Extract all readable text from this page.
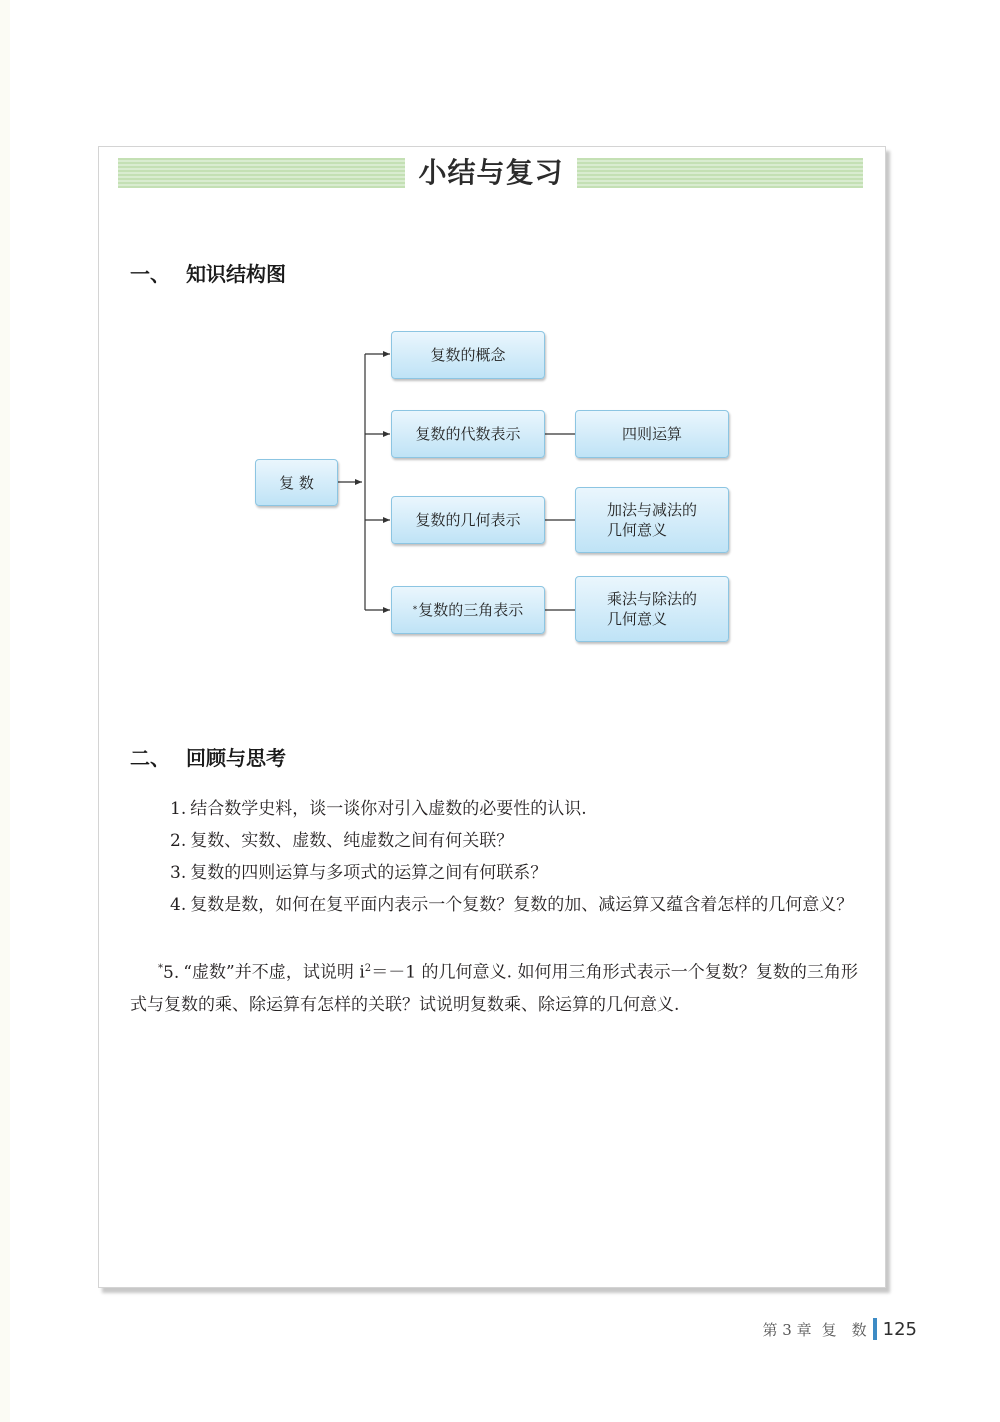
小结与复习
一、 知识结构图
复 数
复数的概念
复数的代数表示	四则运算
复数的几何表示
加法与减法的
几何意义
* 复数的三角表示
乘法与除法的
几何意义
二、 回顾与思考
1. 结合数学史料，谈一谈你对引入虚数的必要性的认识.
2. 复数、实数、虚数、纯虚数之间有何关联？
3. 复数的四则运算与多项式的运算之间有何联系？
4. 复数是数，如何在复平面内表示一个复数？复数的加、减运算又蕴含着怎样的几何意义？
*5. “虚数”并不虚，试说明 $i^2=-1$ 的几何意义. 如何用三角形式表示一个复数？复数的三角形式与复数的乘、除运算有怎样的关联？试说明复数乘、除运算的几何意义.
第 3 章 复　数 125
